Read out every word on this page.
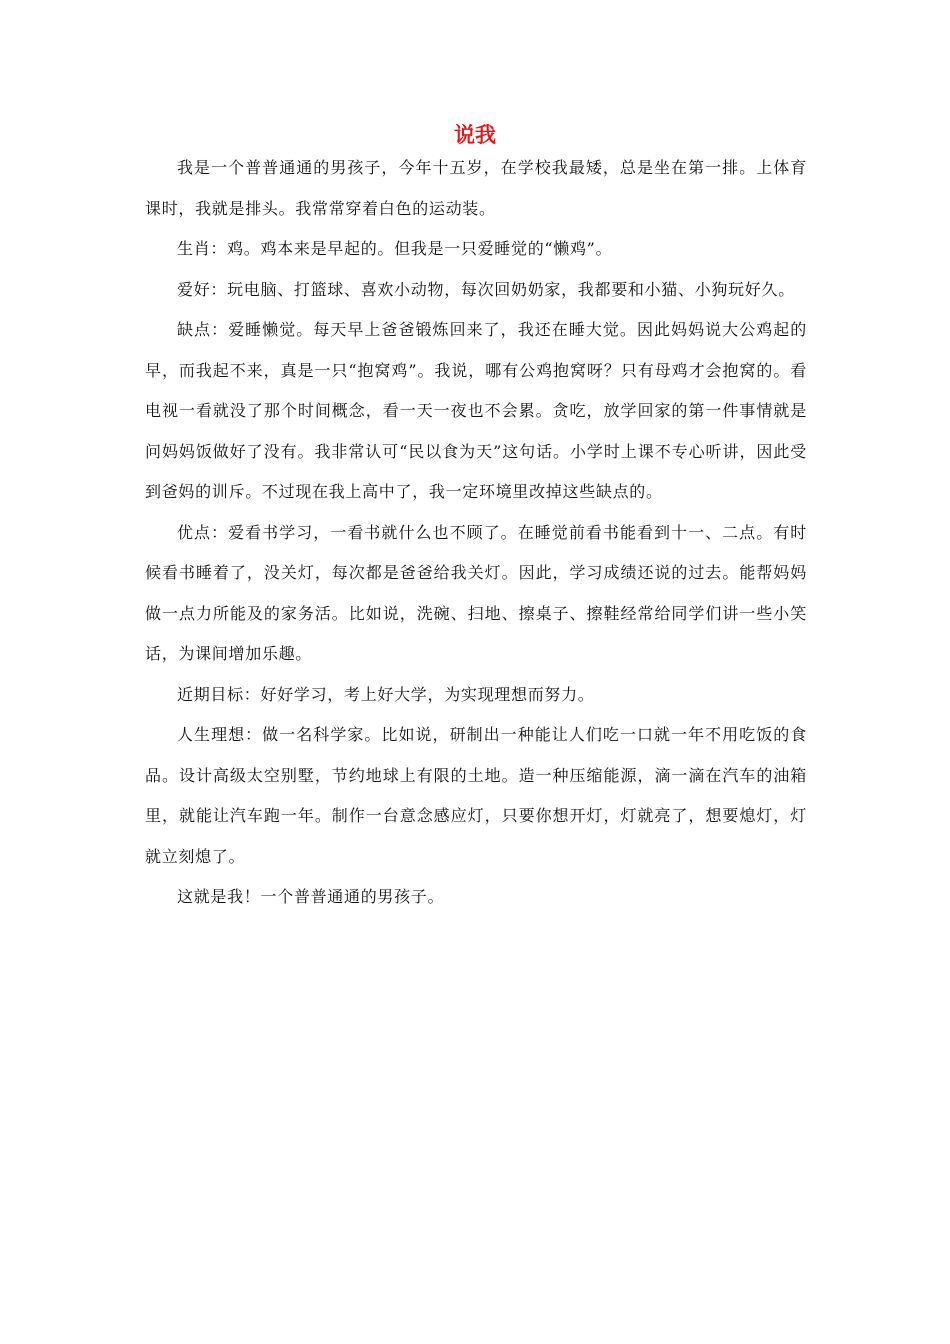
说我

我是一个普普通通的男孩子，今年十五岁，在学校我最矮，总是坐在第一排。上体育课时，我就是排头。我常常穿着白色的运动装。

生肖：鸡。鸡本来是早起的。但我是一只爱睡觉的“懒鸡”。

爱好：玩电脑、打篮球、喜欢小动物，每次回奶奶家，我都要和小猫、小狗玩好久。

缺点：爱睡懒觉。每天早上爸爸锻炼回来了，我还在睡大觉。因此妈妈说大公鸡起的早，而我起不来，真是一只“抱窝鸡”。我说，哪有公鸡抱窝呀？只有母鸡才会抱窝的。看电视一看就没了那个时间概念，看一天一夜也不会累。贪吃，放学回家的第一件事情就是问妈妈饭做好了没有。我非常认可“民以食为天”这句话。小学时上课不专心听讲，因此受到爸妈的训斥。不过现在我上高中了，我一定环境里改掉这些缺点的。

优点：爱看书学习，一看书就什么也不顾了。在睡觉前看书能看到十一、二点。有时候看书睡着了，没关灯，每次都是爸爸给我关灯。因此，学习成绩还说的过去。能帮妈妈做一点力所能及的家务活。比如说，洗碗、扫地、擦桌子、擦鞋经常给同学们讲一些小笑话，为课间增加乐趣。

近期目标：好好学习，考上好大学，为实现理想而努力。

人生理想：做一名科学家。比如说，研制出一种能让人们吃一口就一年不用吃饭的食品。设计高级太空别墅，节约地球上有限的土地。造一种压缩能源，滴一滴在汽车的油箱里，就能让汽车跑一年。制作一台意念感应灯，只要你想开灯，灯就亮了，想要熄灯，灯就立刻熄了。

这就是我！一个普普通通的男孩子。
